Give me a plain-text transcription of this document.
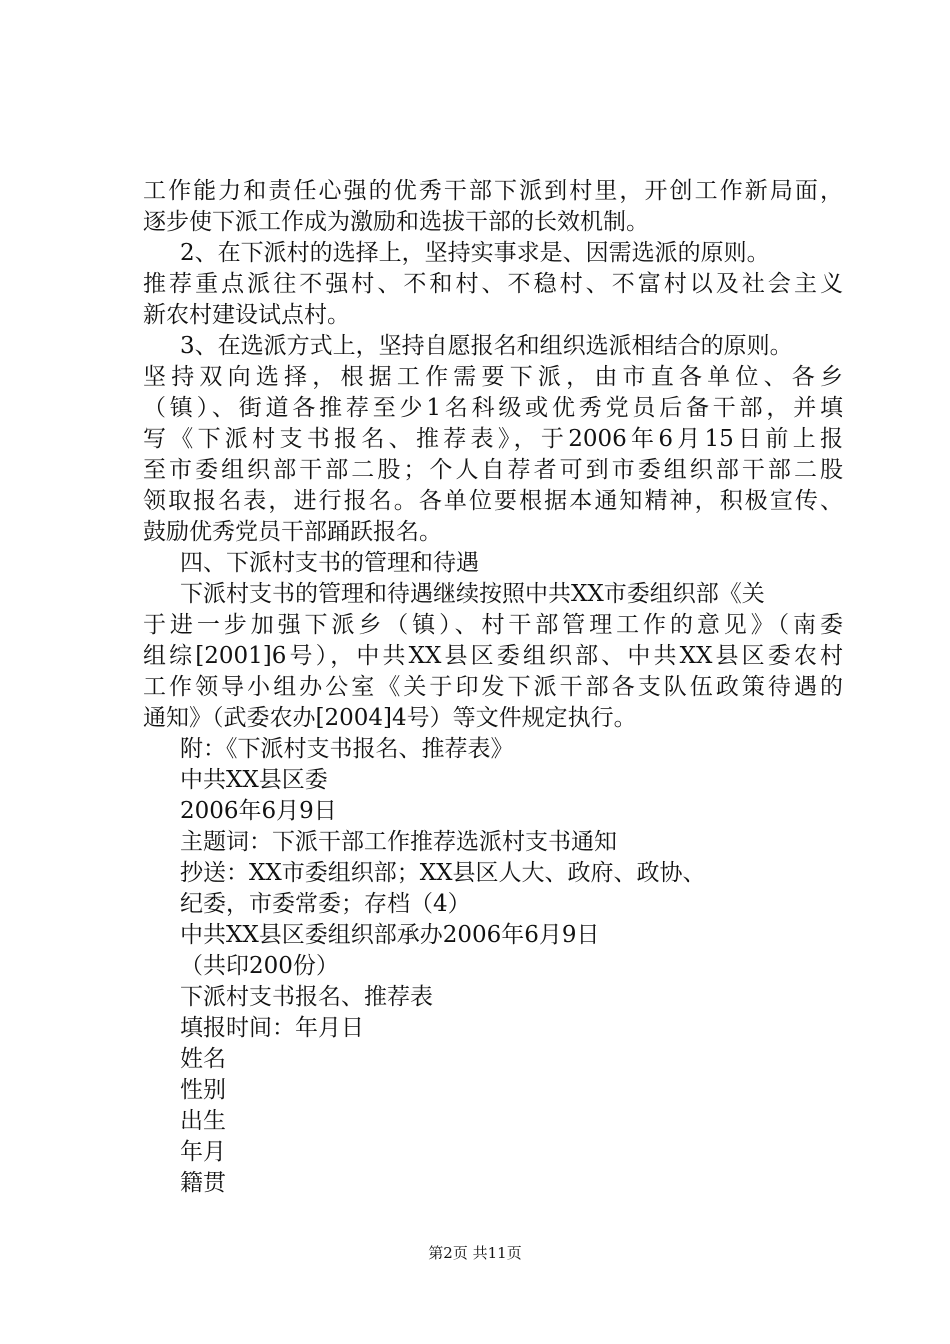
工作能力和责任心强的优秀干部下派到村里，开创工作新局面，
逐步使下派工作成为激励和选拔干部的长效机制。
2、在下派村的选择上，坚持实事求是、因需选派的原则。
推荐重点派往不强村、不和村、不稳村、不富村以及社会主义
新农村建设试点村。
3、在选派方式上，坚持自愿报名和组织选派相结合的原则。
坚持双向选择，根据工作需要下派，由市直各单位、各乡
（镇）、街道各推荐至少1名科级或优秀党员后备干部，并填
写《下派村支书报名、推荐表》，于2006年6月15日前上报
至市委组织部干部二股；个人自荐者可到市委组织部干部二股
领取报名表，进行报名。各单位要根据本通知精神，积极宣传、
鼓励优秀党员干部踊跃报名。
四、下派村支书的管理和待遇
下派村支书的管理和待遇继续按照中共XX市委组织部《关
于进一步加强下派乡（镇）、村干部管理工作的意见》（南委
组综[2001]6号），中共XX县区委组织部、中共XX县区委农村
工作领导小组办公室《关于印发下派干部各支队伍政策待遇的
通知》（武委农办[2004]4号）等文件规定执行。
附：《下派村支书报名、推荐表》
中共XX县区委
2006年6月9日
主题词：下派干部工作推荐选派村支书通知
抄送：XX市委组织部；XX县区人大、政府、政协、
纪委，市委常委；存档（4）
中共XX县区委组织部承办2006年6月9日
（共印200份）
下派村支书报名、推荐表
填报时间：年月日
姓名
性别
出生
年月
籍贯
第2页 共11页
